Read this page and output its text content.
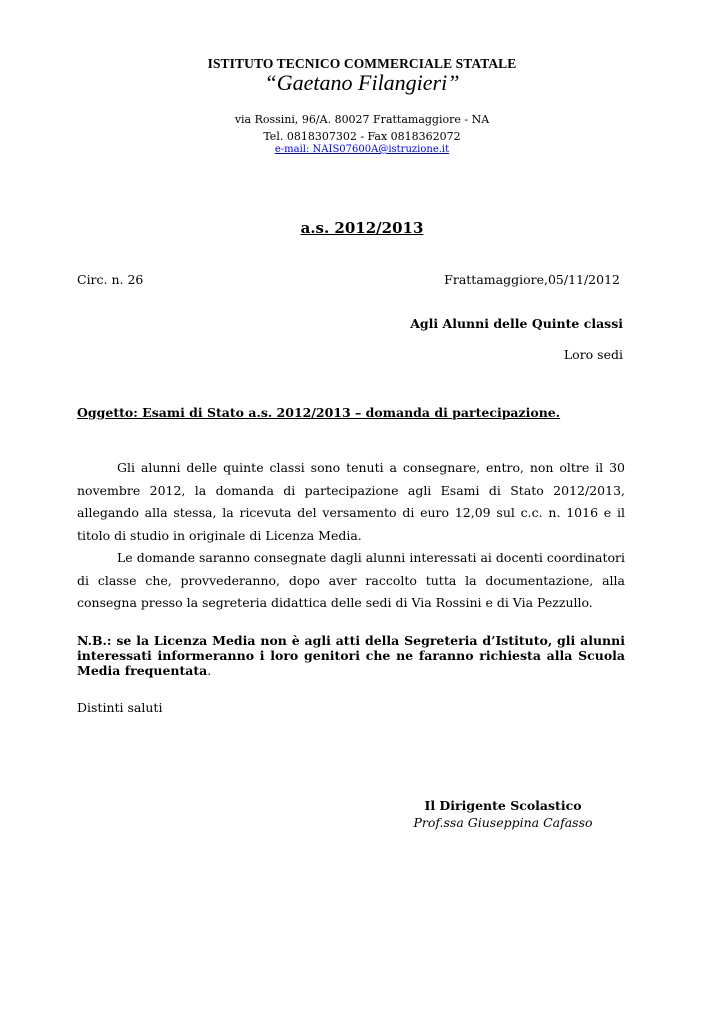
ISTITUTO TECNICO COMMERCIALE STATALE
“Gaetano Filangieri”
via Rossini, 96/A. 80027 Frattamaggiore - NA
Tel. 0818307302 - Fax 0818362072
e-mail: NAIS07600A@istruzione.it
a.s. 2012/2013
Circ. n. 26	Frattamaggiore,05/11/2012
Agli Alunni delle Quinte classi
Loro sedi
Oggetto: Esami di Stato a.s. 2012/2013 – domanda di partecipazione.
Gli alunni delle quinte classi sono tenuti a consegnare, entro, non oltre il 30 novembre 2012, la domanda di partecipazione agli Esami di Stato 2012/2013, allegando alla stessa, la ricevuta del versamento di euro 12,09 sul c.c. n. 1016 e il titolo di studio in originale di Licenza Media.
Le domande saranno consegnate dagli alunni interessati ai docenti coordinatori di classe che, provvederanno, dopo aver raccolto tutta la documentazione, alla consegna presso la segreteria didattica delle sedi di Via Rossini e di Via Pezzullo.
N.B.: se la Licenza Media non è agli atti della Segreteria d’Istituto, gli alunni interessati informeranno i loro genitori che ne faranno richiesta alla Scuola Media frequentata.
Distinti saluti
Il Dirigente Scolastico
Prof.ssa Giuseppina Cafasso
